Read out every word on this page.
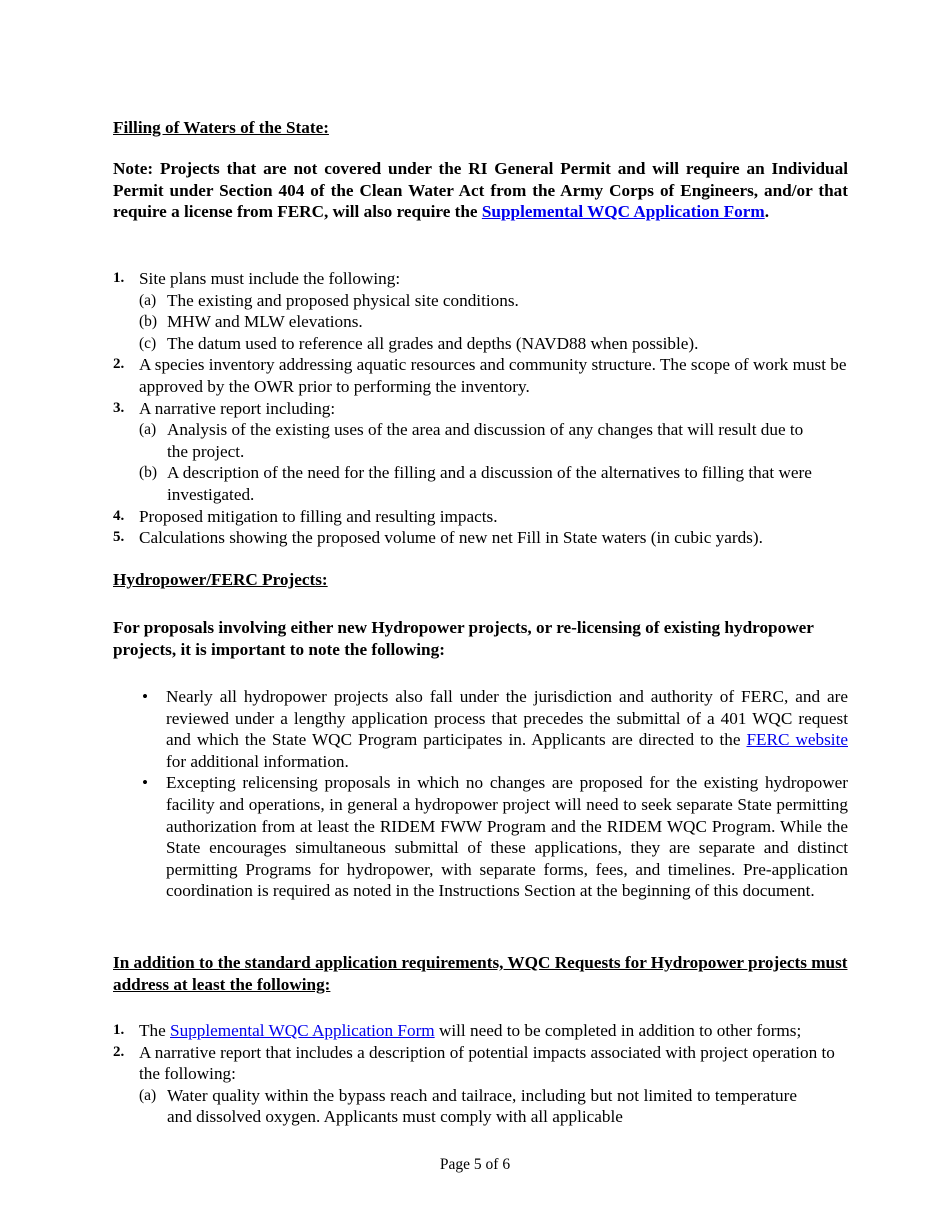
Filling of Waters of the State:
Note: Projects that are not covered under the RI General Permit and will require an Individual Permit under Section 404 of the Clean Water Act from the Army Corps of Engineers, and/or that require a license from FERC, will also require the Supplemental WQC Application Form.
1. Site plans must include the following:
(a) The existing and proposed physical site conditions.
(b) MHW and MLW elevations.
(c) The datum used to reference all grades and depths (NAVD88 when possible).
2. A species inventory addressing aquatic resources and community structure. The scope of work must be approved by the OWR prior to performing the inventory.
3. A narrative report including:
(a) Analysis of the existing uses of the area and discussion of any changes that will result due to the project.
(b) A description of the need for the filling and a discussion of the alternatives to filling that were investigated.
4. Proposed mitigation to filling and resulting impacts.
5. Calculations showing the proposed volume of new net Fill in State waters (in cubic yards).
Hydropower/FERC Projects:
For proposals involving either new Hydropower projects, or re-licensing of existing hydropower projects, it is important to note the following:
• Nearly all hydropower projects also fall under the jurisdiction and authority of FERC, and are reviewed under a lengthy application process that precedes the submittal of a 401 WQC request and which the State WQC Program participates in. Applicants are directed to the FERC website for additional information.
• Excepting relicensing proposals in which no changes are proposed for the existing hydropower facility and operations, in general a hydropower project will need to seek separate State permitting authorization from at least the RIDEM FWW Program and the RIDEM WQC Program. While the State encourages simultaneous submittal of these applications, they are separate and distinct permitting Programs for hydropower, with separate forms, fees, and timelines. Pre-application coordination is required as noted in the Instructions Section at the beginning of this document.
In addition to the standard application requirements, WQC Requests for Hydropower projects must address at least the following:
1. The Supplemental WQC Application Form will need to be completed in addition to other forms;
2. A narrative report that includes a description of potential impacts associated with project operation to the following:
(a) Water quality within the bypass reach and tailrace, including but not limited to temperature and dissolved oxygen. Applicants must comply with all applicable
Page 5 of 6
